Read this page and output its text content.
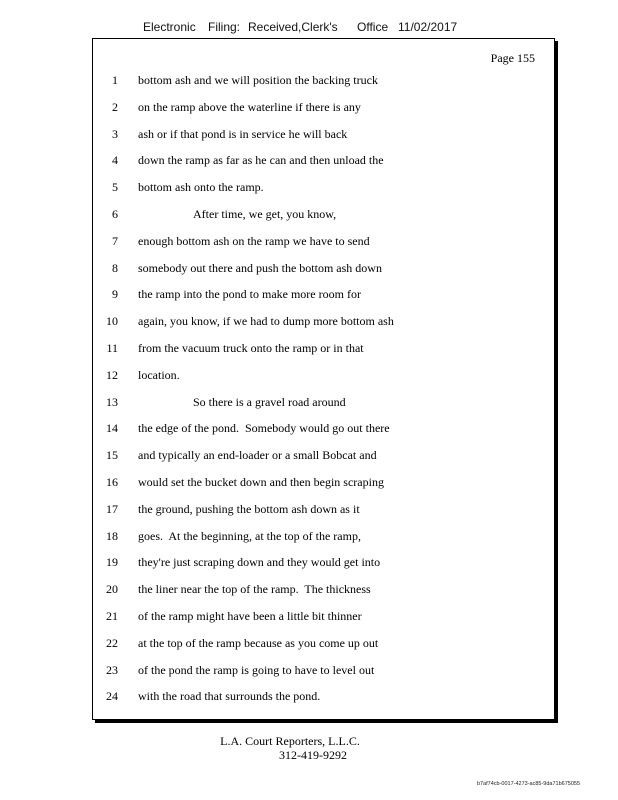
Electronic Filing: Received,Clerk's Office 11/02/2017
Page 155
1 bottom ash and we will position the backing truck
2 on the ramp above the waterline if there is any
3 ash or if that pond is in service he will back
4 down the ramp as far as he can and then unload the
5 bottom ash onto the ramp.
6	After time, we get, you know,
7 enough bottom ash on the ramp we have to send
8 somebody out there and push the bottom ash down
9 the ramp into the pond to make more room for
10 again, you know, if we had to dump more bottom ash
11 from the vacuum truck onto the ramp or in that
12 location.
13	So there is a gravel road around
14 the edge of the pond.  Somebody would go out there
15 and typically an end-loader or a small Bobcat and
16 would set the bucket down and then begin scraping
17 the ground, pushing the bottom ash down as it
18 goes.  At the beginning, at the top of the ramp,
19 they're just scraping down and they would get into
20 the liner near the top of the ramp.  The thickness
21 of the ramp might have been a little bit thinner
22 at the top of the ramp because as you come up out
23 of the pond the ramp is going to have to level out
24 with the road that surrounds the pond.
L.A. Court Reporters, L.L.C.
312-419-9292
b7af74cb-0017-4273-ac85-9da71b675055
